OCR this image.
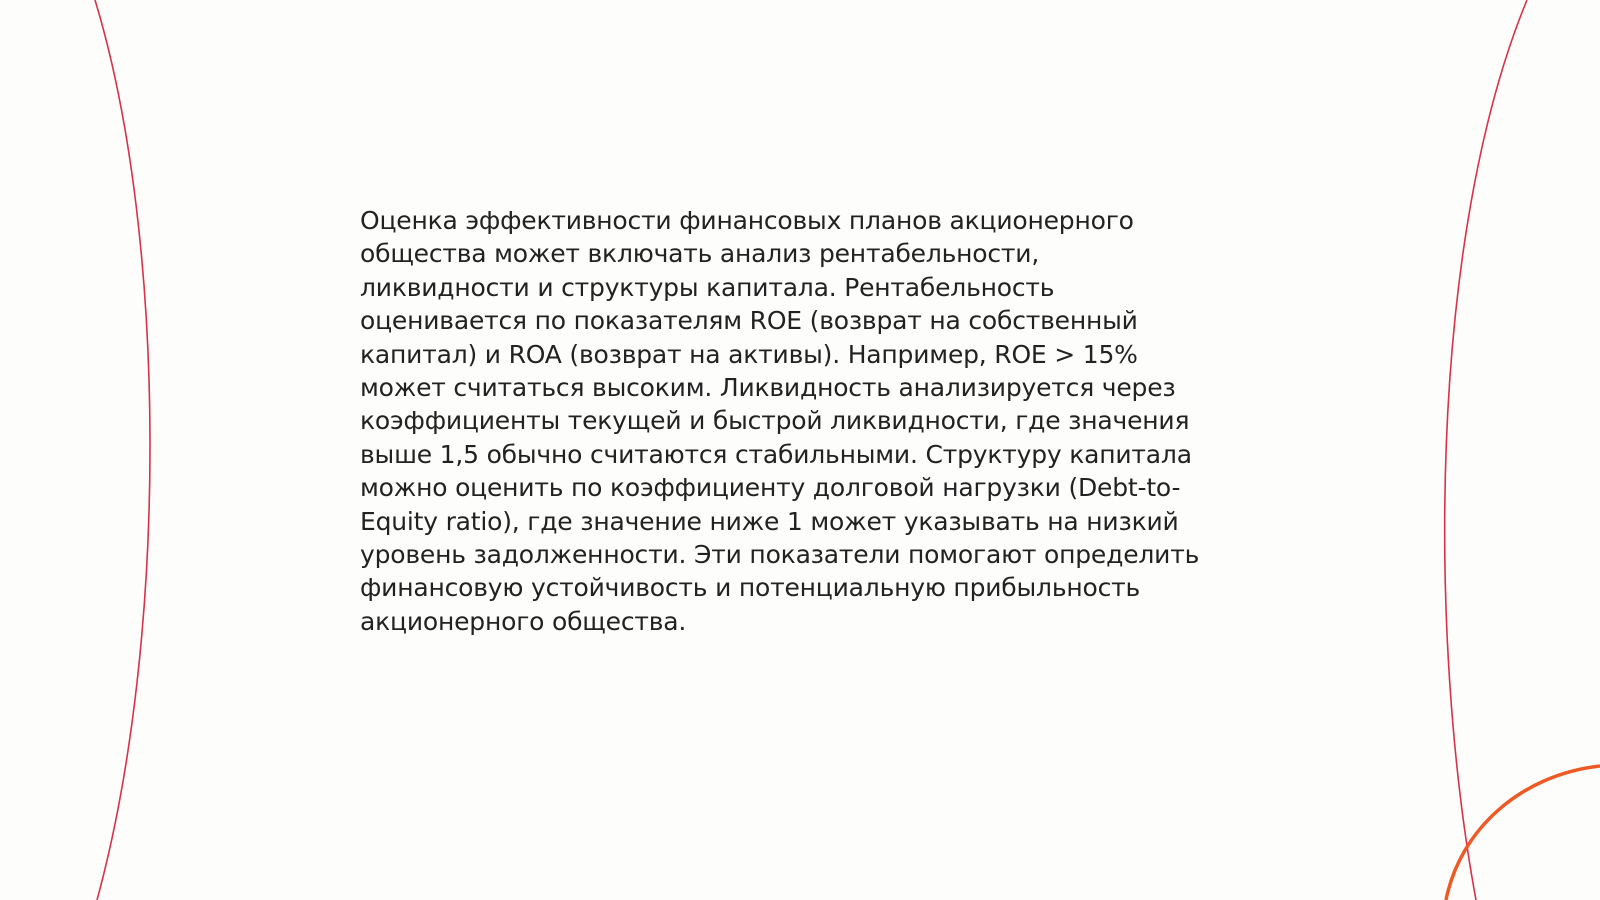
Оценка эффективности финансовых планов акционерного
общества может включать анализ рентабельности,
ликвидности и структуры капитала. Рентабельность
оценивается по показателям ROE (возврат на собственный
капитал) и ROA (возврат на активы). Например, ROE > 15%
может считаться высоким. Ликвидность анализируется через
коэффициенты текущей и быстрой ликвидности, где значения
выше 1,5 обычно считаются стабильными. Структуру капитала
можно оценить по коэффициенту долговой нагрузки (Debt-to-
Equity ratio), где значение ниже 1 может указывать на низкий
уровень задолженности. Эти показатели помогают определить
финансовую устойчивость и потенциальную прибыльность
акционерного общества.
